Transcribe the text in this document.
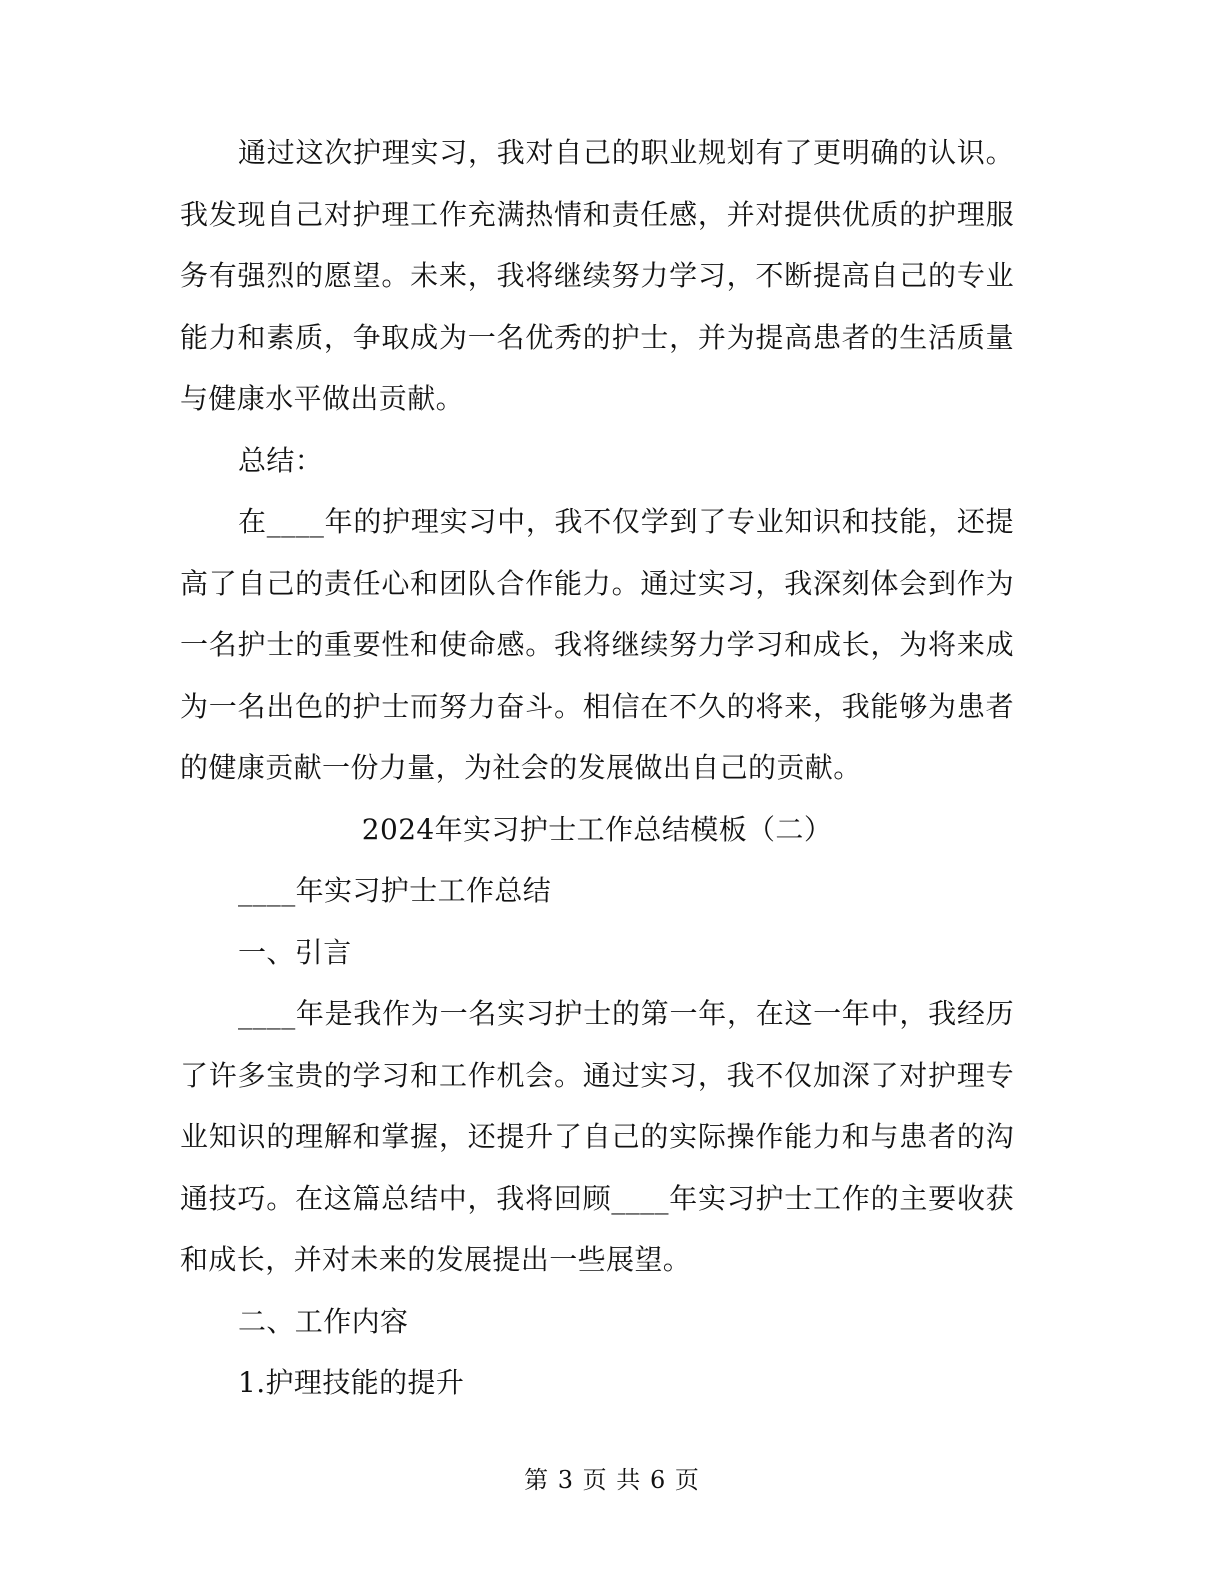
通过这次护理实习，我对自己的职业规划有了更明确的认识。我发现自己对护理工作充满热情和责任感，并对提供优质的护理服务有强烈的愿望。未来，我将继续努力学习，不断提高自己的专业能力和素质，争取成为一名优秀的护士，并为提高患者的生活质量与健康水平做出贡献。

总结：

在____年的护理实习中，我不仅学到了专业知识和技能，还提高了自己的责任心和团队合作能力。通过实习，我深刻体会到作为一名护士的重要性和使命感。我将继续努力学习和成长，为将来成为一名出色的护士而努力奋斗。相信在不久的将来，我能够为患者的健康贡献一份力量，为社会的发展做出自己的贡献。

2024年实习护士工作总结模板（二）

____年实习护士工作总结

一、引言

____年是我作为一名实习护士的第一年，在这一年中，我经历了许多宝贵的学习和工作机会。通过实习，我不仅加深了对护理专业知识的理解和掌握，还提升了自己的实际操作能力和与患者的沟通技巧。在这篇总结中，我将回顾____年实习护士工作的主要收获和成长，并对未来的发展提出一些展望。

二、工作内容

1.护理技能的提升

第 3 页 共 6 页
